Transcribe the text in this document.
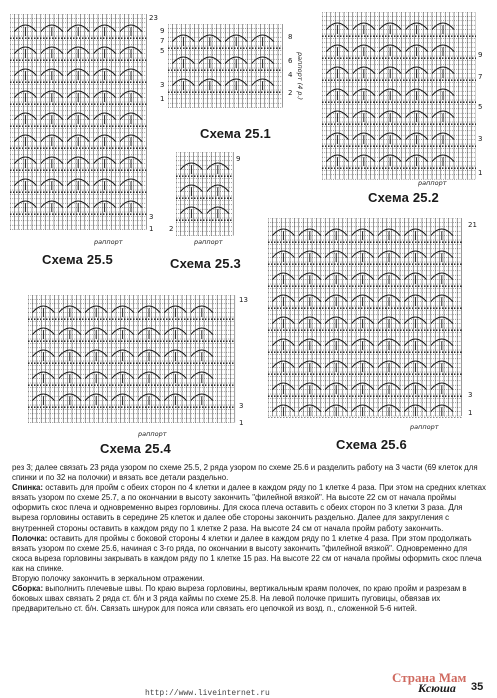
23
3
1
раппорт
Схема 25.5
9
7
5
3
1
8
6
4
2 раппорт (4 р.)
Схема 25.1
9
7
5
3
1
раппорт
Схема 25.2
9
2
раппорт
Схема 25.3
13
3
1
раппорт
Схема 25.4
21
3
1
раппорт
Схема 25.6

рез 3; далее связать 23 ряда узором по схеме 25.5, 2 ряда узором по схеме 25.6 и разделить работу на 3 части (69 клеток для спинки и по 32 на полочки) и вязать все детали раздельно.

Спинка: оставить для пройм с обеих сторон по 4 клетки и далее в каждом ряду по 1 клетке 4 раза. При этом на средних клетках вязать узором по схеме 25.7, а по окончании в высоту закончить "филейной вязкой". На высоте 22 см от начала проймы оформить скос плеча и одновременно вырез горловины. Для скоса плеча оставить с обеих сторон по 3 клетки 3 раза. Для выреза горловины оставить в середине 25 клеток и далее обе стороны закончить раздельно. Далее для закругления с внутренней стороны оставить в каждом ряду по 1 клетке 2 раза. На высоте 24 см от начала пройм работу закончить.

Полочка: оставить для проймы с боковой стороны 4 клетки и далее в каждом ряду по 1 клетке 4 раза. При этом продолжать вязать узором по схеме 25.6, начиная с 3-го ряда, по окончании в высоту закончить "филейной вязкой". Одновременно для скоса выреза горловины закрывать в каждом ряду по 1 клетке 15 раз. На высоте 22 см от начала проймы оформить скос плеча как на спинке.

Вторую полочку закончить в зеркальном отражении.

Сборка: выполнить плечевые швы. По краю выреза горловины, вертикальным краям полочек, по краю пройм и разрезам в боковых швах связать 2 ряда ст. б/н и 3 ряда каймы по схеме 25.8. На левой полочке пришить пуговицы, обвязав их предварительно ст. б/н. Связать шнурок для пояса или связать его цепочкой из возд. п., сложенной 5-6 нитей.

Страна Мам
http://www.liveinternet.ru	Ксюша 35
